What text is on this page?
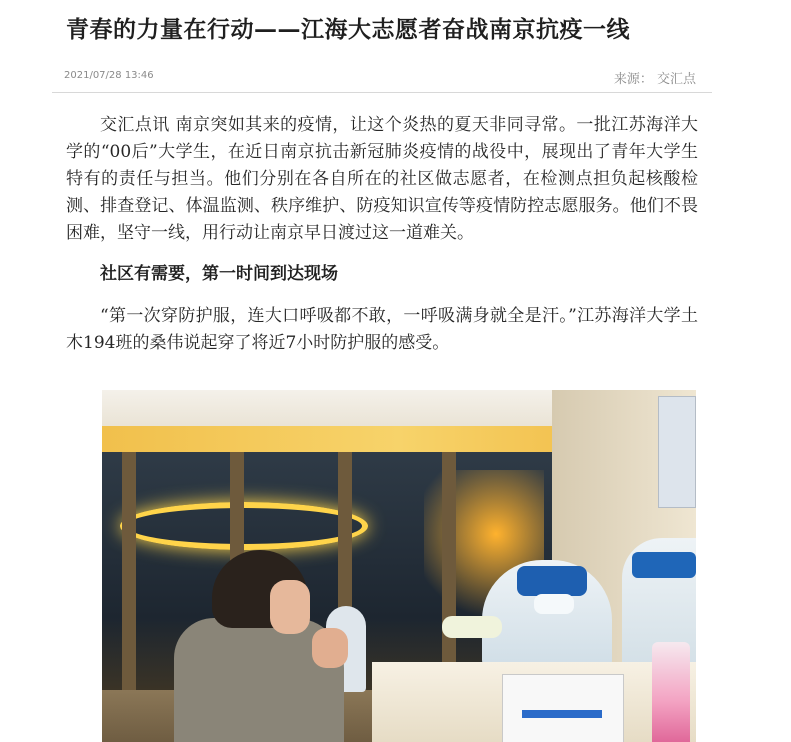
青春的力量在行动——江海大志愿者奋战南京抗疫一线
2021/07/28 13:46	来源： 交汇点

交汇点讯 南京突如其来的疫情，让这个炎热的夏天非同寻常。一批江苏海洋大学的“00后”大学生，在近日南京抗击新冠肺炎疫情的战役中，展现出了青年大学生特有的责任与担当。他们分别在各自所在的社区做志愿者，在检测点担负起核酸检测、排查登记、体温监测、秩序维护、防疫知识宣传等疫情防控志愿服务。他们不畏困难，坚守一线，用行动让南京早日渡过这一道难关。

社区有需要，第一时间到达现场

“第一次穿防护服，连大口呼吸都不敢，一呼吸满身就全是汗。”江苏海洋大学土木194班的桑伟说起穿了将近7小时防护服的感受。
